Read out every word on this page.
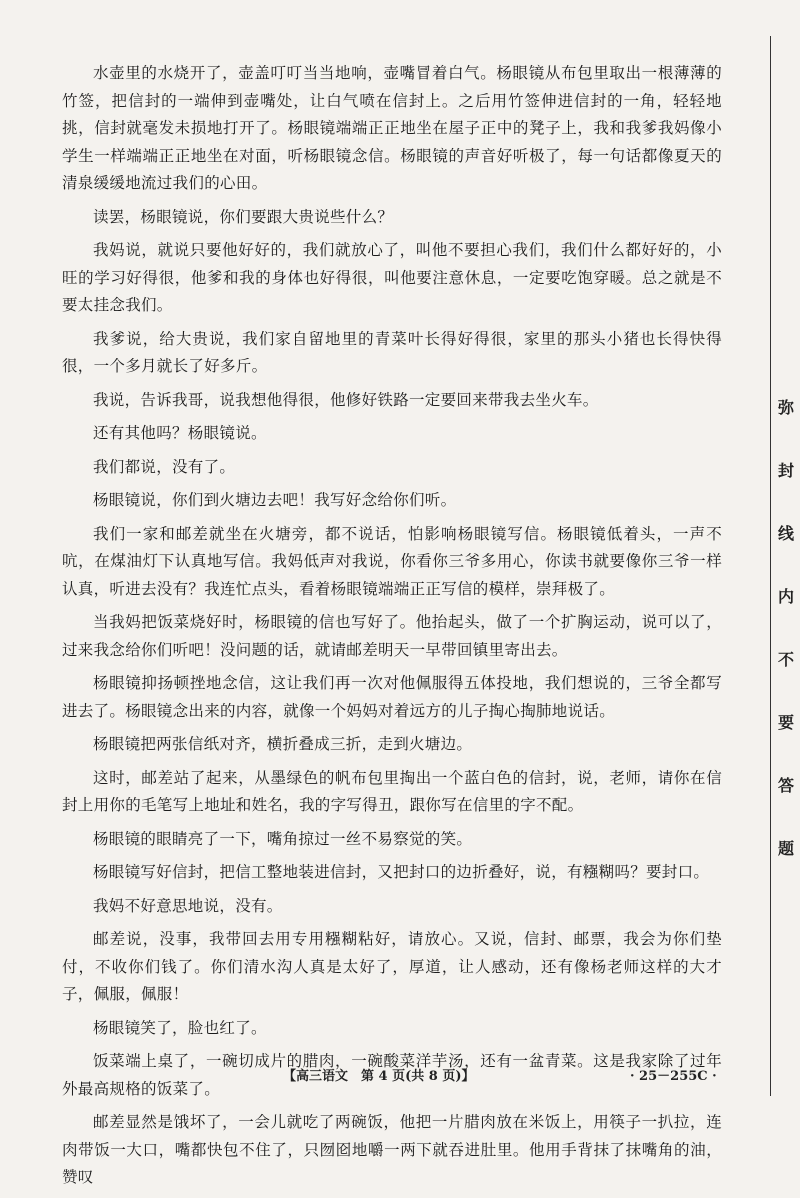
水壶里的水烧开了，壶盖叮叮当当地响，壶嘴冒着白气。杨眼镜从布包里取出一根薄薄的竹签，把信封的一端伸到壶嘴处，让白气喷在信封上。之后用竹签伸进信封的一角，轻轻地挑，信封就毫发未损地打开了。杨眼镜端端正正地坐在屋子正中的凳子上，我和我爹我妈像小学生一样端端正正地坐在对面，听杨眼镜念信。杨眼镜的声音好听极了，每一句话都像夏天的清泉缓缓地流过我们的心田。

读罢，杨眼镜说，你们要跟大贵说些什么？

我妈说，就说只要他好好的，我们就放心了，叫他不要担心我们，我们什么都好好的，小旺的学习好得很，他爹和我的身体也好得很，叫他要注意休息，一定要吃饱穿暖。总之就是不要太挂念我们。

我爹说，给大贵说，我们家自留地里的青菜叶长得好得很，家里的那头小猪也长得快得很，一个多月就长了好多斤。

我说，告诉我哥，说我想他得很，他修好铁路一定要回来带我去坐火车。

还有其他吗？杨眼镜说。

我们都说，没有了。

杨眼镜说，你们到火塘边去吧！我写好念给你们听。

我们一家和邮差就坐在火塘旁，都不说话，怕影响杨眼镜写信。杨眼镜低着头，一声不吭，在煤油灯下认真地写信。我妈低声对我说，你看你三爷多用心，你读书就要像你三爷一样认真，听进去没有？我连忙点头，看着杨眼镜端端正正写信的模样，崇拜极了。

当我妈把饭菜烧好时，杨眼镜的信也写好了。他抬起头，做了一个扩胸运动，说可以了，过来我念给你们听吧！没问题的话，就请邮差明天一早带回镇里寄出去。

杨眼镜抑扬顿挫地念信，这让我们再一次对他佩服得五体投地，我们想说的，三爷全都写进去了。杨眼镜念出来的内容，就像一个妈妈对着远方的儿子掏心掏肺地说话。

杨眼镜把两张信纸对齐，横折叠成三折，走到火塘边。

这时，邮差站了起来，从墨绿色的帆布包里掏出一个蓝白色的信封，说，老师，请你在信封上用你的毛笔写上地址和姓名，我的字写得丑，跟你写在信里的字不配。

杨眼镜的眼睛亮了一下，嘴角掠过一丝不易察觉的笑。

杨眼镜写好信封，把信工整地装进信封，又把封口的边折叠好，说，有糨糊吗？要封口。

我妈不好意思地说，没有。

邮差说，没事，我带回去用专用糨糊粘好，请放心。又说，信封、邮票，我会为你们垫付，不收你们钱了。你们清水沟人真是太好了，厚道，让人感动，还有像杨老师这样的大才子，佩服，佩服！

杨眼镜笑了，脸也红了。

饭菜端上桌了，一碗切成片的腊肉，一碗酸菜洋芋汤，还有一盆青菜。这是我家除了过年外最高规格的饭菜了。

邮差显然是饿坏了，一会儿就吃了两碗饭，他把一片腊肉放在米饭上，用筷子一扒拉，连肉带饭一大口，嘴都快包不住了，只囫囵地嚼一两下就吞进肚里。他用手背抹了抹嘴角的油，赞叹

弥
封
线
内
不
要
答
题
【高三语文　第 4 页(共 8 页)】	· 25－255C ·
